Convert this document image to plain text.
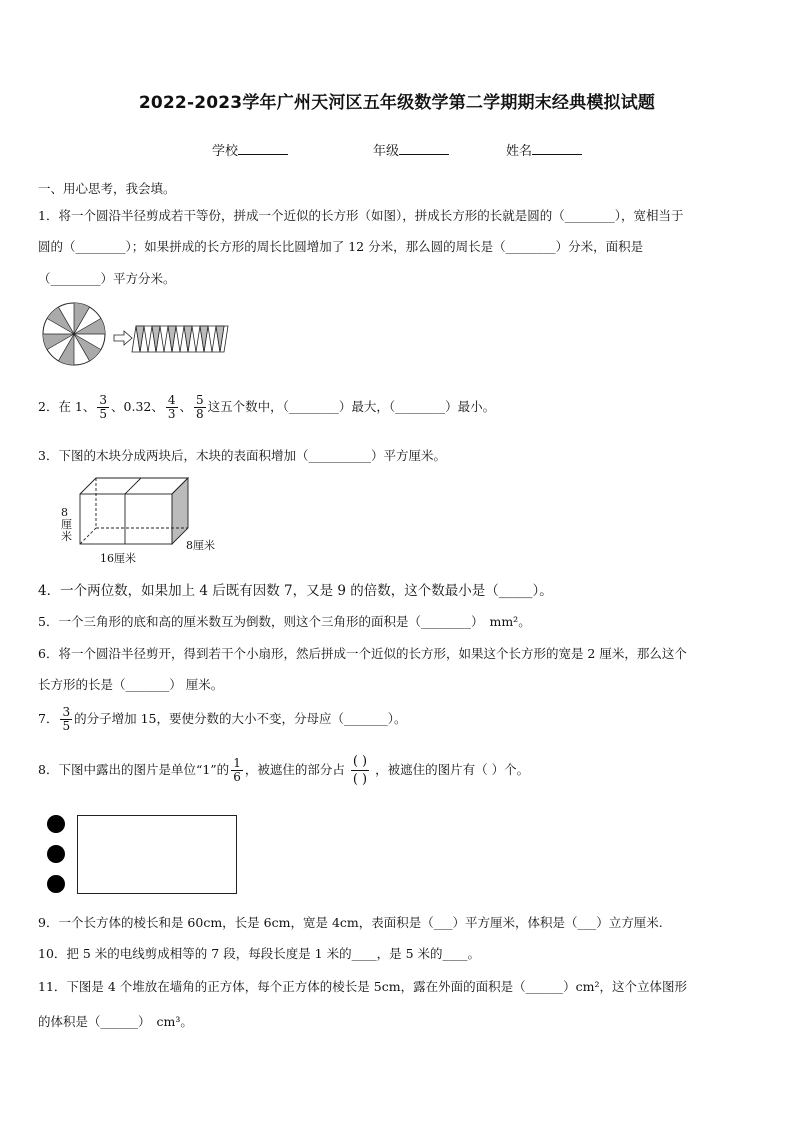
2022-2023学年广州天河区五年级数学第二学期期末经典模拟试题
学校	年级	姓名
一、用心思考，我会填。
1．将一个圆沿半径剪成若干等份，拼成一个近似的长方形（如图），拼成长方形的长就是圆的（________），宽相当于
圆的（________）；如果拼成的长方形的周长比圆增加了 12 分米，那么圆的周长是（________）分米，面积是
（________）平方分米。
2．在 1、 $\frac{3}{5}$ 、0.32、 $\frac{4}{3}$ 、 $\frac{5}{8}$ 这五个数中，（________）最大，（________）最小。
3．下图的木块分成两块后，木块的表面积增加（__________）平方厘米。
8
厘
米
16厘米
8厘米
4．一个两位数，如果加上 4 后既有因数 7，又是 9 的倍数，这个数最小是（_____）。
5．一个三角形的底和高的厘米数互为倒数，则这个三角形的面积是（________） mm²。
6．将一个圆沿半径剪开，得到若干个小扇形，然后拼成一个近似的长方形，如果这个长方形的宽是 2 厘米，那么这个
长方形的长是（_______） 厘米。
7． $\frac{3}{5}$ 的分子增加 15，要使分数的大小不变，分母应（_______）。
8．下图中露出的图片是单位“1”的 $\frac{1}{6}$ ，被遮住的部分占 $\frac{( )}{( )}$ ，被遮住的图片有（ ）个。
9．一个长方体的棱长和是 60cm，长是 6cm，宽是 4cm，表面积是（___）平方厘米，体积是（___）立方厘米.
10．把 5 米的电线剪成相等的 7 段，每段长度是 1 米的____，是 5 米的____。
11．下图是 4 个堆放在墙角的正方体，每个正方体的棱长是 5cm，露在外面的面积是（______）cm²，这个立体图形
的体积是（______） cm³。
